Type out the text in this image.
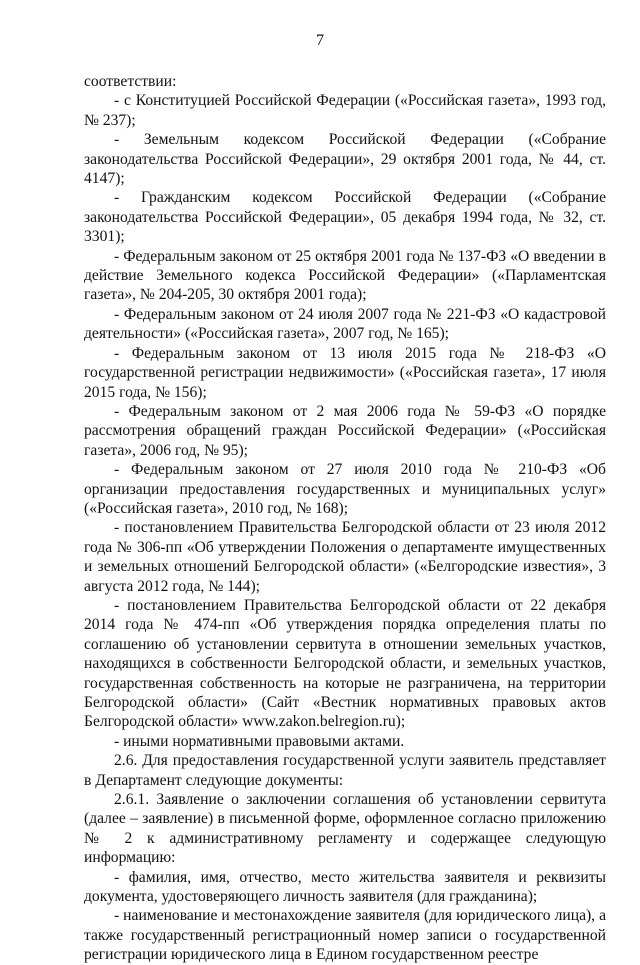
7

соответствии:

- с Конституцией Российской Федерации («Российская газета», 1993 год, № 237);

- Земельным кодексом Российской Федерации («Собрание законодательства Российской Федерации», 29 октября 2001 года, № 44, ст. 4147);

- Гражданским кодексом Российской Федерации («Собрание законодательства Российской Федерации», 05 декабря 1994 года, № 32, ст. 3301);

- Федеральным законом от 25 октября 2001 года № 137-ФЗ «О введении в действие Земельного кодекса Российской Федерации» («Парламентская газета», № 204-205, 30 октября 2001 года);

- Федеральным законом от 24 июля 2007 года № 221-ФЗ «О кадастровой деятельности» («Российская газета», 2007 год, № 165);

- Федеральным законом от 13 июля 2015 года № 218-ФЗ «О государственной регистрации недвижимости» («Российская газета», 17 июля 2015 года, № 156);

- Федеральным законом от 2 мая 2006 года № 59-ФЗ «О порядке рассмотрения обращений граждан Российской Федерации» («Российская газета», 2006 год, № 95);

- Федеральным законом от 27 июля 2010 года № 210-ФЗ «Об организации предоставления государственных и муниципальных услуг» («Российская газета», 2010 год, № 168);

- постановлением Правительства Белгородской области от 23 июля 2012 года № 306-пп «Об утверждении Положения о департаменте имущественных и земельных отношений Белгородской области» («Белгородские известия», 3 августа 2012 года, № 144);

- постановлением Правительства Белгородской области от 22 декабря 2014 года № 474-пп «Об утверждения порядка определения платы по соглашению об установлении сервитута в отношении земельных участков, находящихся в собственности Белгородской области, и земельных участков, государственная собственность на которые не разграничена, на территории Белгородской области» (Сайт «Вестник нормативных правовых актов Белгородской области» www.zakon.belregion.ru);

- иными нормативными правовыми актами.

2.6. Для предоставления государственной услуги заявитель представляет в Департамент следующие документы:

2.6.1. Заявление о заключении соглашения об установлении сервитута (далее – заявление) в письменной форме, оформленное согласно приложению № 2 к административному регламенту и содержащее следующую информацию:

- фамилия, имя, отчество, место жительства заявителя и реквизиты документа, удостоверяющего личность заявителя (для гражданина);

- наименование и местонахождение заявителя (для юридического лица), а также государственный регистрационный номер записи о государственной регистрации юридического лица в Едином государственном реестре
